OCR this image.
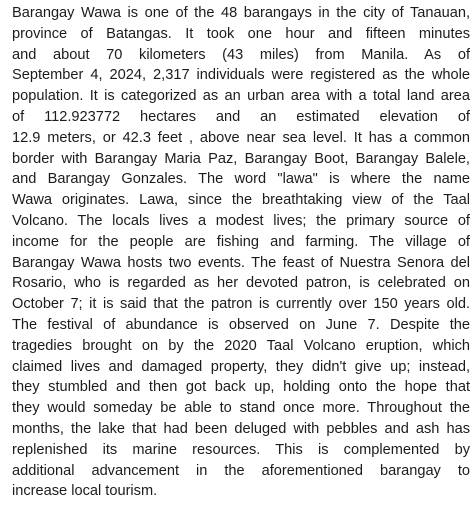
Barangay Wawa is one of the 48 barangays in the city of Tanauan,
province of Batangas. It took one hour and fifteen minutes
and about 70 kilometers (43 miles) from Manila. As of
September 4, 2024, 2,317 individuals were registered as the whole
population. It is categorized as an urban area with a total land area
of 112.923772 hectares and an estimated elevation of
12.9 meters, or 42.3 feet , above near sea level. It has a common
border with Barangay Maria Paz, Barangay Boot, Barangay Balele,
and Barangay Gonzales. The word "lawa" is where the name
Wawa originates. Lawa, since the breathtaking view of the Taal
Volcano. The locals lives a modest lives; the primary source of
income for the people are fishing and farming. The village of
Barangay Wawa hosts two events. The feast of Nuestra Senora del
Rosario, who is regarded as her devoted patron, is celebrated on
October 7; it is said that the patron is currently over 150 years old.
The festival of abundance is observed on June 7. Despite the
tragedies brought on by the 2020 Taal Volcano eruption, which
claimed lives and damaged property, they didn't give up; instead,
they stumbled and then got back up, holding onto the hope that
they would someday be able to stand once more. Throughout the
months, the lake that had been deluged with pebbles and ash has
replenished its marine resources. This is complemented by
additional advancement in the aforementioned barangay to
increase local tourism.
